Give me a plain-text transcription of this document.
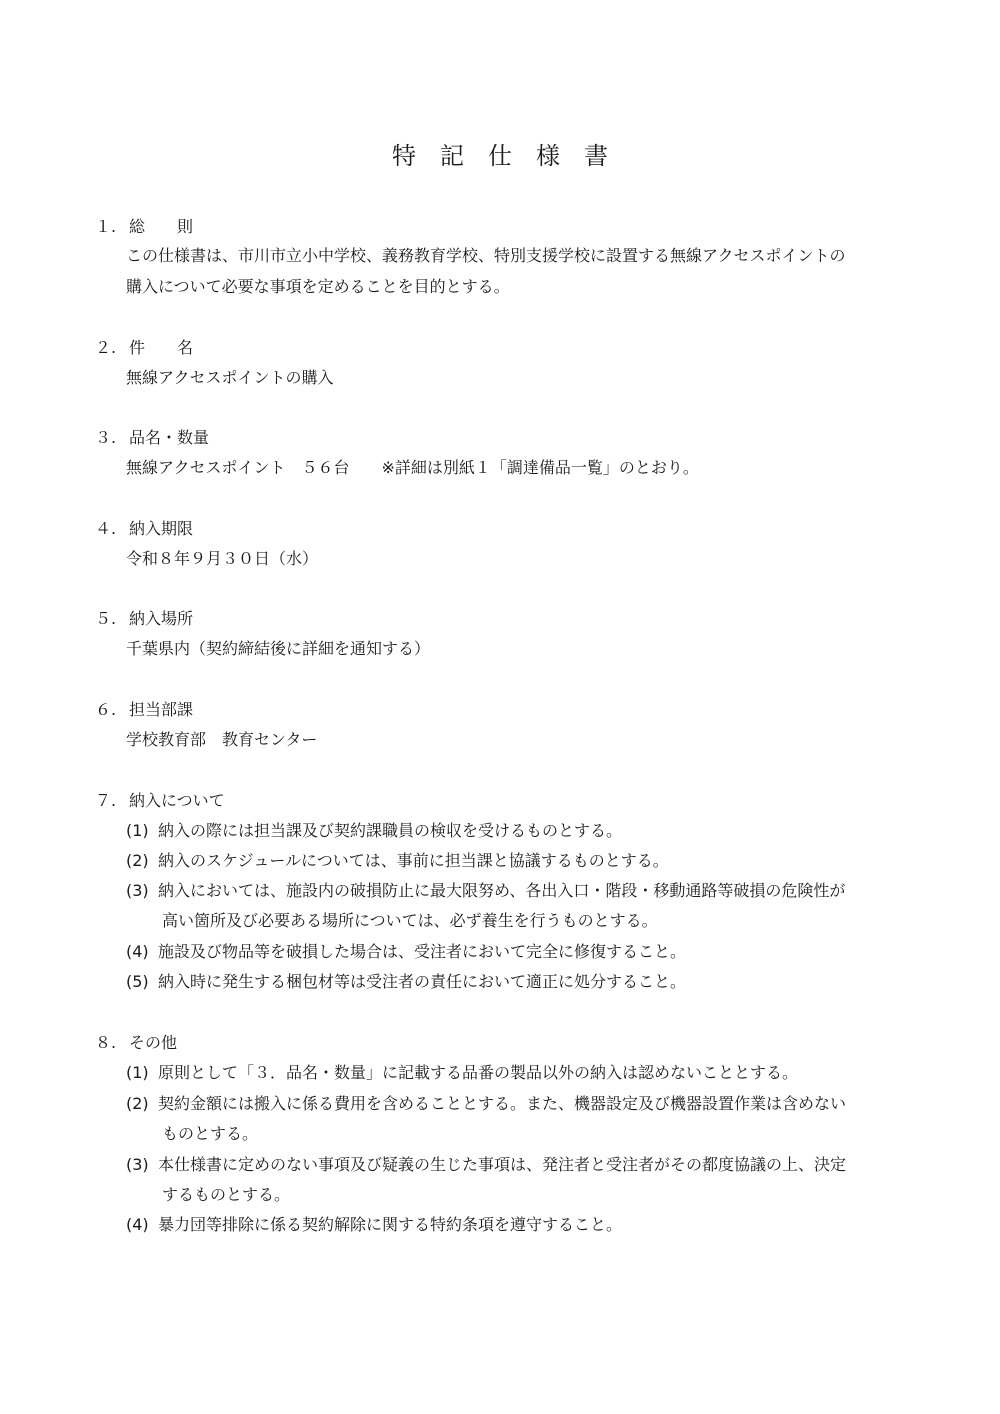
特　記　仕　様　書
１. 総　　則
この仕様書は、市川市立小中学校、義務教育学校、特別支援学校に設置する無線アクセスポイントの
購入について必要な事項を定めることを目的とする。
２. 件　　名
無線アクセスポイントの購入
３. 品名・数量
無線アクセスポイント　５６台　　※詳細は別紙１「調達備品一覧」のとおり。
４. 納入期限
令和８年９月３０日（水）
５. 納入場所
千葉県内（契約締結後に詳細を通知する）
６. 担当部課
学校教育部　教育センター
７. 納入について
(1) 納入の際には担当課及び契約課職員の検収を受けるものとする。
(2) 納入のスケジュールについては、事前に担当課と協議するものとする。
(3) 納入においては、施設内の破損防止に最大限努め、各出入口・階段・移動通路等破損の危険性が
高い箇所及び必要ある場所については、必ず養生を行うものとする。
(4) 施設及び物品等を破損した場合は、受注者において完全に修復すること。
(5) 納入時に発生する梱包材等は受注者の責任において適正に処分すること。
８. その他
(1) 原則として「３．品名・数量」に記載する品番の製品以外の納入は認めないこととする。
(2) 契約金額には搬入に係る費用を含めることとする。また、機器設定及び機器設置作業は含めない
ものとする。
(3) 本仕様書に定めのない事項及び疑義の生じた事項は、発注者と受注者がその都度協議の上、決定
するものとする。
(4) 暴力団等排除に係る契約解除に関する特約条項を遵守すること。
